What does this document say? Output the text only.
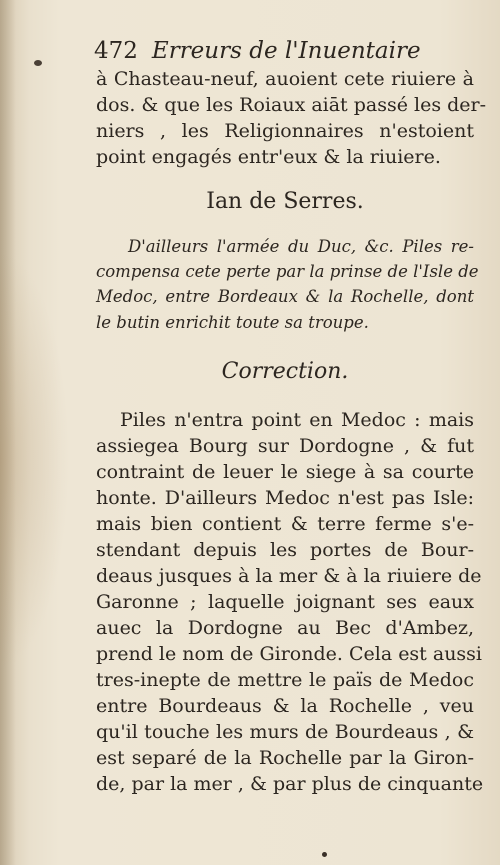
472 Erreurs de l'Inuentaire
à Chasteau-neuf, auoient cete riuiere à
dos. & que les Roiaux aiāt passé les der-
niers , les Religionnaires n'estoient
point engagés entr'eux & la riuiere.
Ian de Serres.
D'ailleurs l'armée du Duc, &c. Piles re-
compensa cete perte par la prinse de l'Isle de
Medoc, entre Bordeaux & la Rochelle, dont
le butin enrichit toute sa troupe.
Correction.
Piles n'entra point en Medoc : mais
assiegea Bourg sur Dordogne , & fut
contraint de leuer le siege à sa courte
honte. D'ailleurs Medoc n'est pas Isle:
mais bien contient & terre ferme s'e-
stendant depuis les portes de Bour-
deaus jusques à la mer & à la riuiere de
Garonne ; laquelle joignant ses eaux
auec la Dordogne au Bec d'Ambez,
prend le nom de Gironde. Cela est aussi
tres-inepte de mettre le païs de Medoc
entre Bourdeaus & la Rochelle , veu
qu'il touche les murs de Bourdeaus , &
est separé de la Rochelle par la Giron-
de, par la mer , & par plus de cinquante
